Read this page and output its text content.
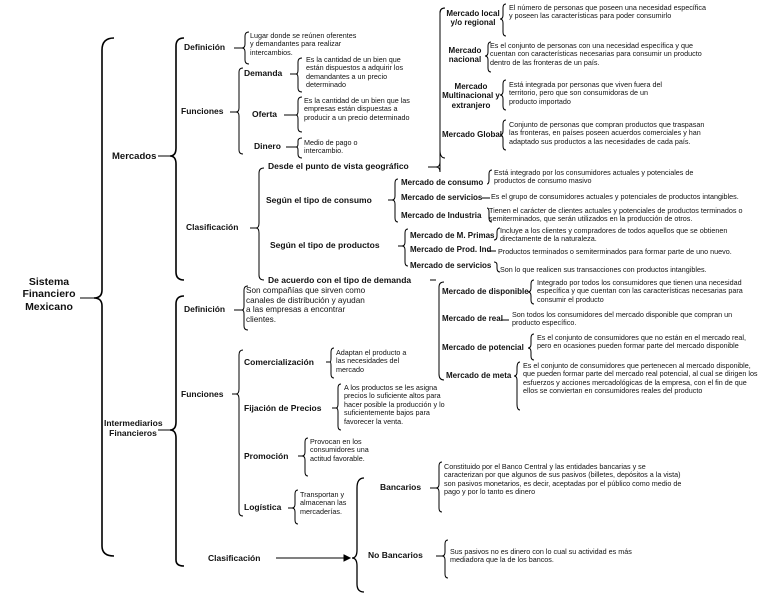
Sistema Financiero Mexicano
Mercados
Definición
Lugar donde se reúnen oferentes y demandantes para realizar intercambios.
Funciones
Demanda
Es la cantidad de un bien que están dispuestos a adquirir los demandantes a un precio determinado
Oferta
Es la cantidad de un bien que las empresas están dispuestas a producir a un precio determinado
Dinero	Medio de pago o intercambio.
Clasificación
Desde el punto de vista geográfico
Mercado local y/o regional
El número de personas que poseen una necesidad específica y poseen las características para poder consumirlo
Mercado nacional
Es el conjunto de personas con una necesidad específica y que cuentan con características necesarias para consumir un producto dentro de las fronteras de un país.
Mercado Multinacional y extranjero
Está integrada por personas que viven fuera del territorio, pero que son consumidoras de un producto importado
Mercado Global
Conjunto de personas que compran productos que traspasan las fronteras, en países poseen acuerdos comerciales y han adaptado sus productos a las necesidades de cada país.
Según el tipo de consumo
Mercado de consumo
Está integrado por los consumidores actuales y potenciales de productos de consumo masivo
Mercado de servicios Es el grupo de consumidores actuales y potenciales de productos intangibles.
Mercado de Industria
Tienen el carácter de clientes actuales y potenciales de productos terminados o semiterminados, que serán utilizados en la producción de otros.
Según el tipo de productos
Mercado de M. Primas
Incluye a los clientes y compradores de todos aquellos que se obtienen directamente de la naturaleza.
Mercado de Prod. Ind Productos terminados o semiterminados para formar parte de uno nuevo.
Mercado de servicios Son lo que realicen sus transacciones con productos intangibles.
De acuerdo con el tipo de demanda
Mercado de disponible
Integrado por todos los consumidores que tienen una necesidad específica y que cuentan con las características necesarias para consumir el producto
Mercado de real Son todos los consumidores del mercado disponible que compran un producto específico.
Mercado de potencial
Es el conjunto de consumidores que no están en el mercado real, pero en ocasiones pueden formar parte del mercado disponible
Mercado de meta
Es el conjunto de consumidores que pertenecen al mercado disponible, que pueden formar parte del mercado real potencial, al cual se dirigen los esfuerzos y acciones mercadológicas de la empresa, con el fin de que ellos se conviertan en consumidores reales del producto
Intermediarios Financieros
Definición
Son compañías que sirven como canales de distribución y ayudan a las empresas a encontrar clientes.
Funciones
Comercialización
Adaptan el producto a las necesidades del mercado
Fijación de Precios
A los productos se les asigna precios lo suficiente altos para hacer posible la producción y lo suficientemente bajos para favorecer la venta.
Promoción
Provocan en los consumidores una actitud favorable.
Logística
Transportan y almacenan las mercaderías.
Clasificación
Bancarios
Constituido por el Banco Central y las entidades bancarias y se caracterizan por que algunos de sus pasivos (billetes, depósitos a la vista) son pasivos monetarios, es decir, aceptadas por el público como medio de pago y por lo tanto es dinero
No Bancarios	Sus pasivos no es dinero con lo cual su actividad es más mediadora que la de los bancos.
